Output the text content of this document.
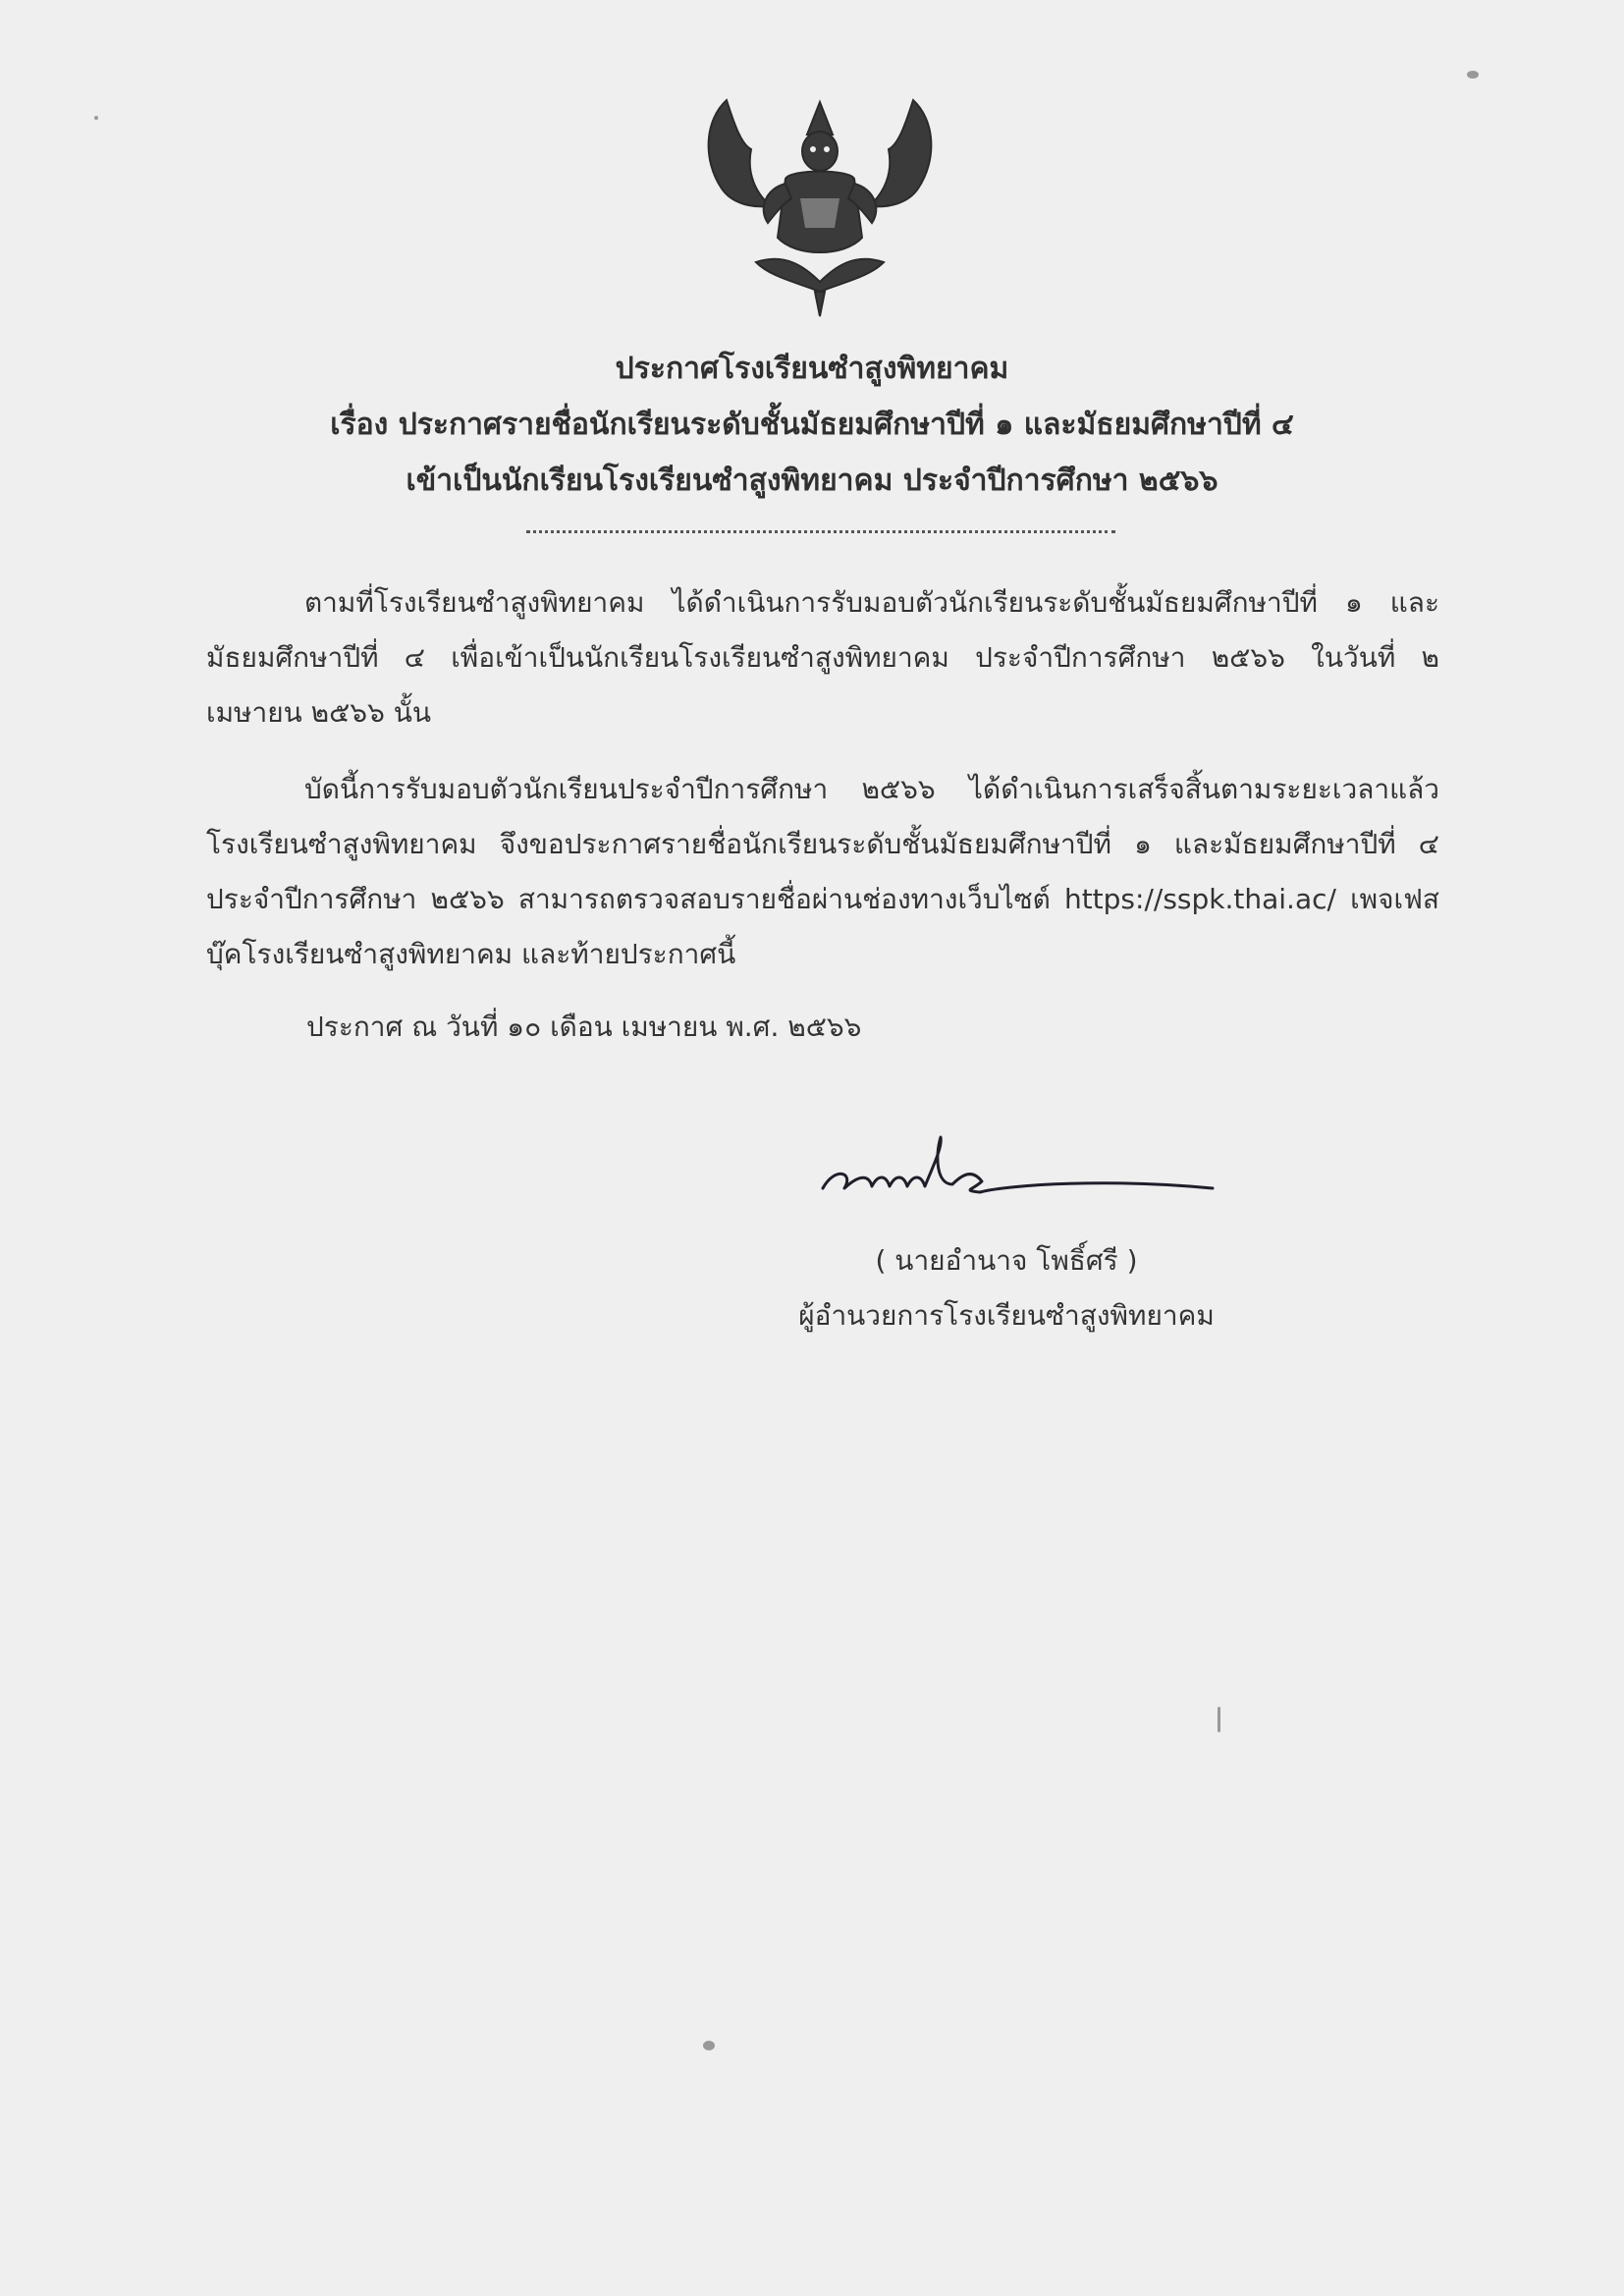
ประกาศโรงเรียนซำสูงพิทยาคม
เรื่อง ประกาศรายชื่อนักเรียนระดับชั้นมัธยมศึกษาปีที่ ๑ และมัธยมศึกษาปีที่ ๔
เข้าเป็นนักเรียนโรงเรียนซำสูงพิทยาคม ประจำปีการศึกษา ๒๕๖๖
ตามที่โรงเรียนซำสูงพิทยาคม ได้ดำเนินการรับมอบตัวนักเรียนระดับชั้นมัธยมศึกษาปีที่ ๑ และมัธยมศึกษาปีที่ ๔ เพื่อเข้าเป็นนักเรียนโรงเรียนซำสูงพิทยาคม ประจำปีการศึกษา ๒๕๖๖ ในวันที่ ๒ เมษายน ๒๕๖๖ นั้น
บัดนี้การรับมอบตัวนักเรียนประจำปีการศึกษา ๒๕๖๖ ได้ดำเนินการเสร็จสิ้นตามระยะเวลาแล้ว โรงเรียนซำสูงพิทยาคม จึงขอประกาศรายชื่อนักเรียนระดับชั้นมัธยมศึกษาปีที่ ๑ และมัธยมศึกษาปีที่ ๔ ประจำปีการศึกษา ๒๕๖๖ สามารถตรวจสอบรายชื่อผ่านช่องทางเว็บไซต์ https://sspk.thai.ac/ เพจเฟสบุ๊คโรงเรียนซำสูงพิทยาคม และท้ายประกาศนี้
ประกาศ ณ วันที่ ๑๐ เดือน เมษายน พ.ศ. ๒๕๖๖
( นายอำนาจ โพธิ์ศรี )
ผู้อำนวยการโรงเรียนซำสูงพิทยาคม
